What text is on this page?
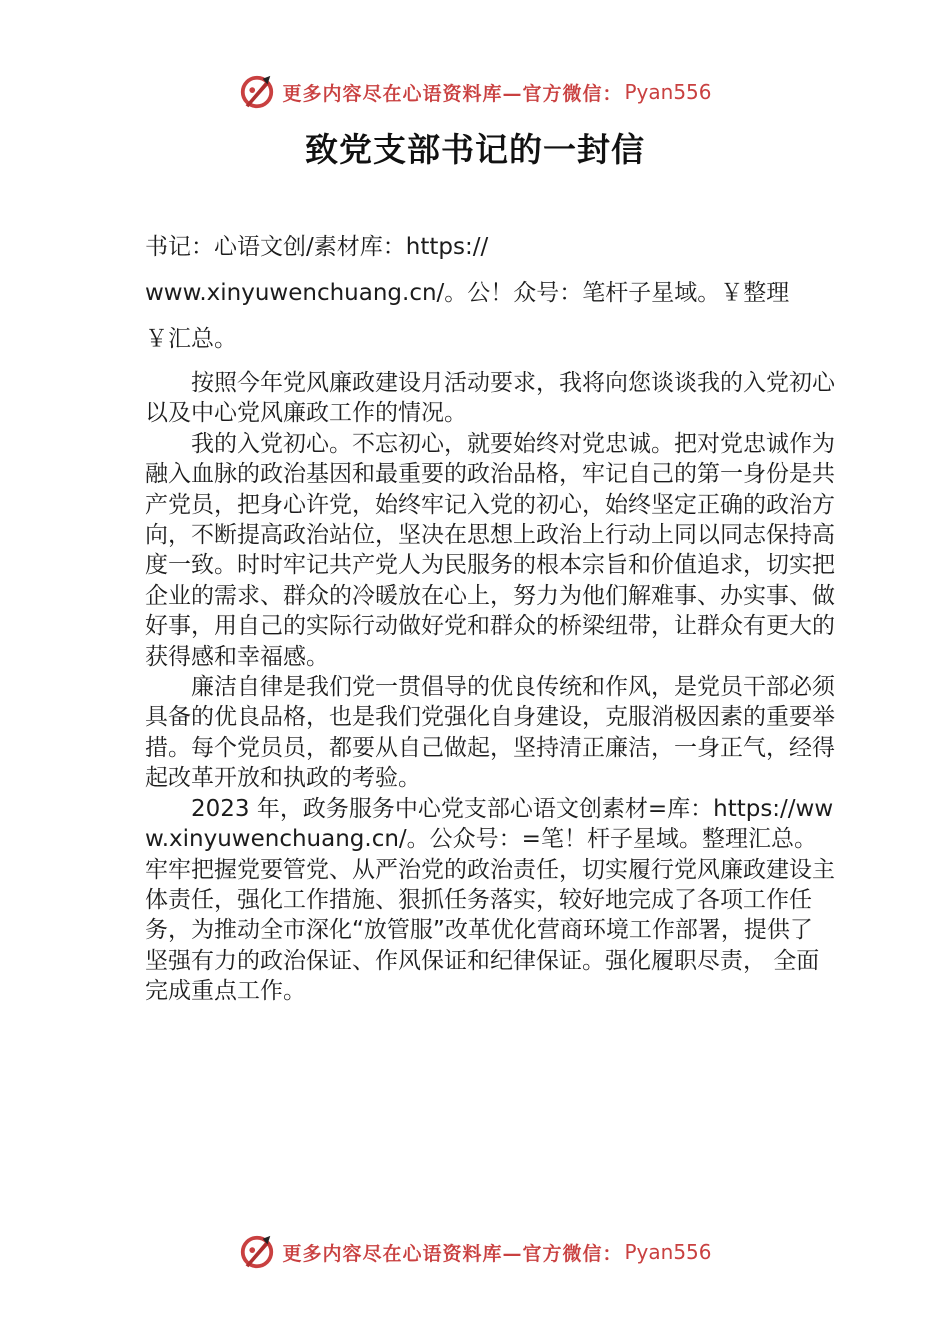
更多内容尽在心语资料库—官方微信： Pyan556
致党支部书记的一封信

书记：心语文创/素材库：https://

www.xinyuwenchuang.cn/。公！众号：笔杆子星域。￥整理

￥汇总。

按照今年党风廉政建设月活动要求，我将向您谈谈我的入党初心以及中心党风廉政工作的情况。

我的入党初心。不忘初心，就要始终对党忠诚。把对党忠诚作为融入血脉的政治基因和最重要的政治品格，牢记自己的第一身份是共产党员，把身心许党，始终牢记入党的初心，始终坚定正确的政治方向，不断提高政治站位，坚决在思想上政治上行动上同以同志保持高度一致。时时牢记共产党人为民服务的根本宗旨和价值追求，切实把企业的需求、群众的冷暖放在心上，努力为他们解难事、办实事、做好事，用自己的实际行动做好党和群众的桥梁纽带，让群众有更大的获得感和幸福感。

廉洁自律是我们党一贯倡导的优良传统和作风，是党员干部必须具备的优良品格，也是我们党强化自身建设，克服消极因素的重要举措。每个党员员，都要从自己做起，坚持清正廉洁，一身正气，经得起改革开放和执政的考验。

2023 年，政务服务中心党支部心语文创素材=库：https://www.xinyuwenchuang.cn/。公众号：=笔！杆子星域。整理汇总。牢牢把握党要管党、从严治党的政治责任，切实履行党风廉政建设主体责任，强化工作措施、狠抓任务落实，较好地完成了各项工作任务，为推动全市深化“放管服”改革优化营商环境工作部署，提供了坚强有力的政治保证、作风保证和纪律保证。强化履职尽责， 全面完成重点工作。

更多内容尽在心语资料库—官方微信： Pyan556
